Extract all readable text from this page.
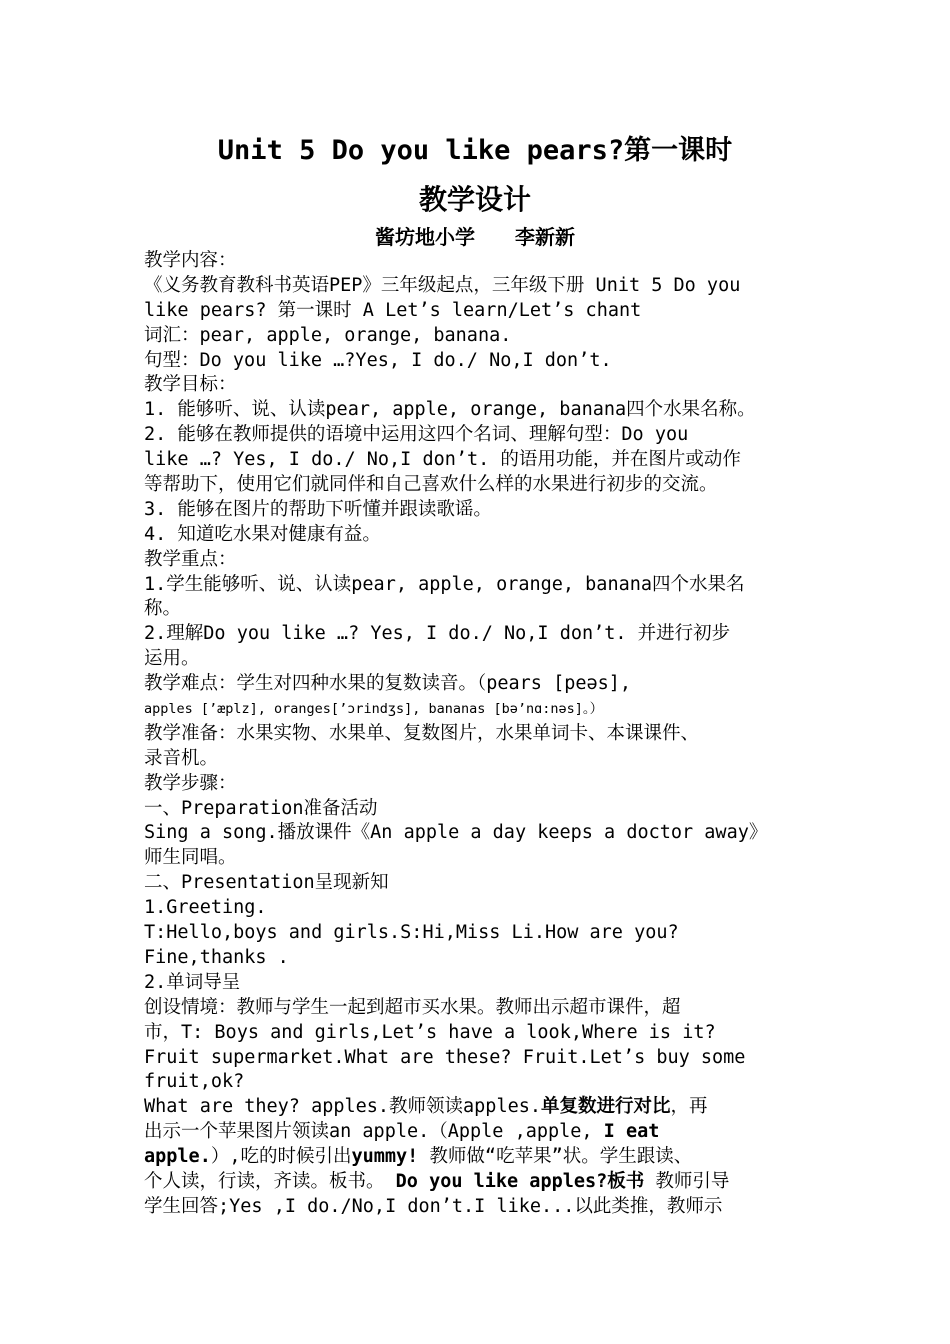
Unit 5 Do you like pears?第一课时
教学设计
酱坊地小学 李新新
教学内容：
《义务教育教科书英语PEP》三年级起点，三年级下册 Unit 5 Do you
like pears? 第一课时 A Let’s learn/Let’s chant
词汇：pear, apple, orange, banana.
句型：Do you like …?Yes, I do./ No,I don’t.
教学目标：
1. 能够听、说、认读pear, apple, orange, banana四个水果名称。
2. 能够在教师提供的语境中运用这四个名词、理解句型：Do you
like …? Yes, I do./ No,I don’t. 的语用功能，并在图片或动作
等帮助下，使用它们就同伴和自己喜欢什么样的水果进行初步的交流。
3. 能够在图片的帮助下听懂并跟读歌谣。
4. 知道吃水果对健康有益。
教学重点：
1.学生能够听、说、认读pear, apple, orange, banana四个水果名
称。
2.理解Do you like …? Yes, I do./ No,I don’t. 并进行初步
运用。
教学难点：学生对四种水果的复数读音。（pears [peəs],
apples [’æplz], oranges[’ɔrindʒs], bananas [bə’nɑ:nəs]。）
教学准备：水果实物、水果单、复数图片，水果单词卡、本课课件、
录音机。
教学步骤：
一、Preparation准备活动
Sing a song.播放课件《An apple a day keeps a doctor away》
师生同唱。
二、Presentation呈现新知
1.Greeting.
T:Hello,boys and girls.S:Hi,Miss Li.How are you?
Fine,thanks .
2.单词导呈
创设情境：教师与学生一起到超市买水果。教师出示超市课件，超
市，T: Boys and girls,Let’s have a look,Where is it?
Fruit supermarket.What are these? Fruit.Let’s buy some
fruit,ok?
What are they? apples.教师领读apples.单复数进行对比，再
出示一个苹果图片领读an apple.（Apple ,apple, I eat
apple.）,吃的时候引出yummy! 教师做“吃苹果”状。学生跟读、
个人读，行读，齐读。板书。 Do you like apples?板书 教师引导
学生回答;Yes ,I do./No,I don’t.I like...以此类推，教师示
